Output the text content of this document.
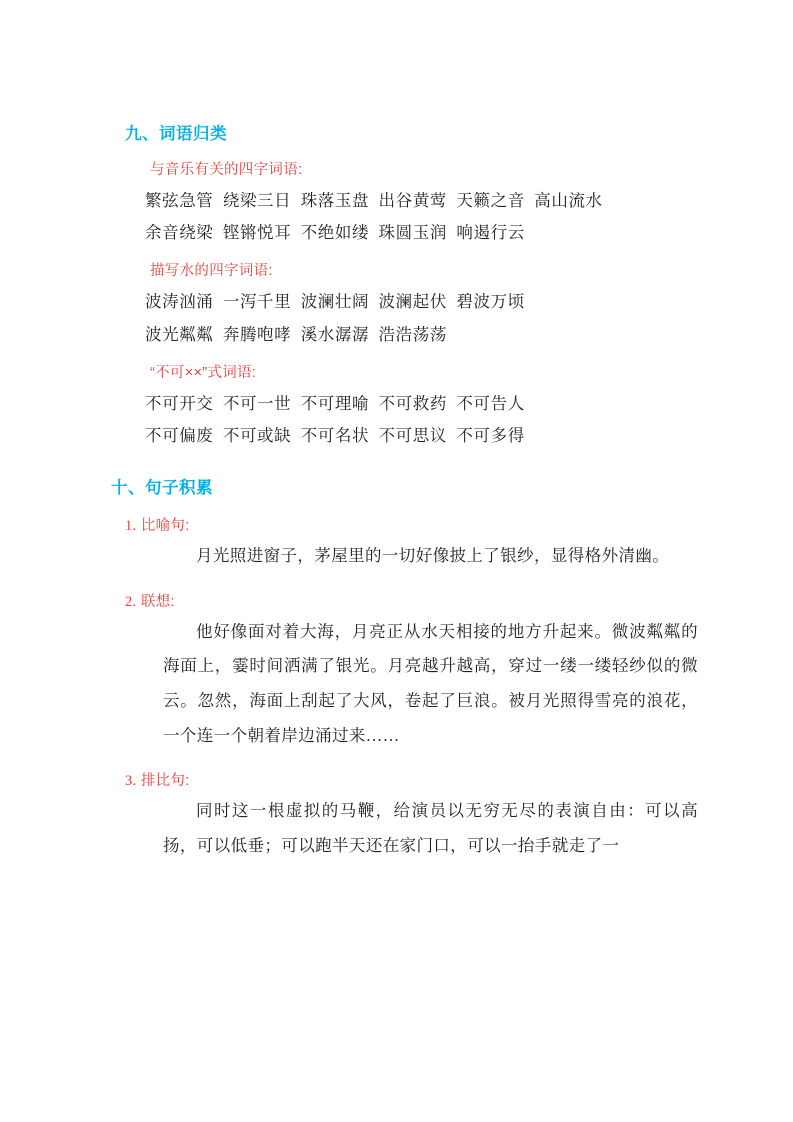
九、词语归类
与音乐有关的四字词语:
繁弦急管  绕梁三日  珠落玉盘  出谷黄莺  天籁之音  高山流水
余音绕梁  铿锵悦耳  不绝如缕  珠圆玉润  响遏行云
描写水的四字词语:
波涛汹涌  一泻千里  波澜壮阔  波澜起伏  碧波万顷
波光粼粼  奔腾咆哮  溪水潺潺  浩浩荡荡
“不可××”式词语:
不可开交  不可一世  不可理喻  不可救药  不可告人
不可偏废  不可或缺  不可名状  不可思议  不可多得
十、句子积累
1. 比喻句:

月光照进窗子，茅屋里的一切好像披上了银纱，显得格外清幽。

2. 联想:

他好像面对着大海，月亮正从水天相接的地方升起来。微波粼粼的海面上，霎时间洒满了银光。月亮越升越高，穿过一缕一缕轻纱似的微云。忽然，海面上刮起了大风，卷起了巨浪。被月光照得雪亮的浪花，一个连一个朝着岸边涌过来……

3. 排比句:

同时这一根虚拟的马鞭，给演员以无穷无尽的表演自由：可以高扬，可以低垂；可以跑半天还在家门口，可以一抬手就走了一
